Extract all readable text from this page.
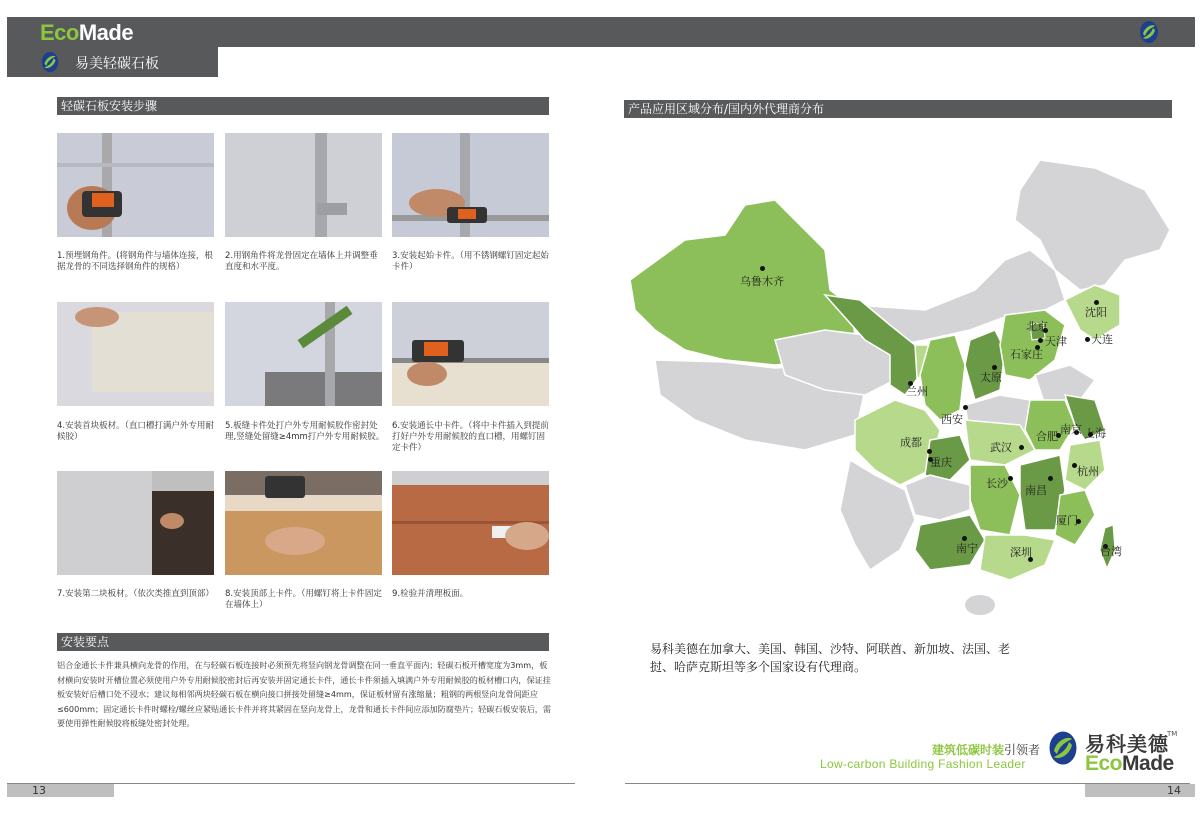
EcoMade
易美轻碳石板
轻碳石板安装步骤
1.预埋钢角件。(将钢角件与墙体连接，根据龙骨的不同选择钢角件的规格）
2.用钢角件将龙骨固定在墙体上并调整垂直度和水平度。
3.安装起始卡件。（用不锈钢螺钉固定起始卡件）
4.安装首块板材。（直口槽打满户外专用耐候胶）
5.板缝卡件处打户外专用耐候胶作密封处理,竖缝处留缝≥4mm打户外专用耐候胶。
6.安装通长中卡件。（将中卡件插入到提前打好户外专用耐候胶的直口槽，用螺钉固定卡件）
7.安装第二块板材。（依次类推直到顶部）	8.安装顶部上卡件。（用螺钉将上卡件固定在墙体上）
9.检验并清理板面。
安装要点
铝合金通长卡件兼具横向龙骨的作用，在与轻碳石板连接时必须预先将竖向钢龙骨调整在同一垂直平面内；轻碳石板开槽宽度为3mm，板材横向安装时开槽位置必须使用户外专用耐候胶密封后再安装并固定通长卡件，通长卡件须插入填满户外专用耐候胶的板材槽口内，保证挂板安装好后槽口处不浸水；建议每相邻两块轻碳石板在横向接口拼接处留缝≥4mm，保证板材留有涨缩量；粗钢的两根竖向龙骨间距应≤600mm；固定通长卡件时螺栓/螺丝应紧贴通长卡件并将其紧固在竖向龙骨上，龙骨和通长卡件间应添加防腐垫片；轻碳石板安装后，需要使用弹性耐候胶将板缝处密封处理。
13
产品应用区域分布/国内外代理商分布
乌鲁木齐
北京
天津
沈阳
大连
石家庄
太原
兰州
西安
成都
重庆
武汉
合肥
南京 上海
杭州
长沙
南昌
厦门
南宁	深圳	台湾
易科美德在加拿大、美国、韩国、沙特、阿联酋、新加坡、法国、老挝、哈萨克斯坦等多个国家设有代理商。
建筑低碳时装引领者
Low-carbon Building Fashion Leader
易科美德
TM
EcoMade
14
